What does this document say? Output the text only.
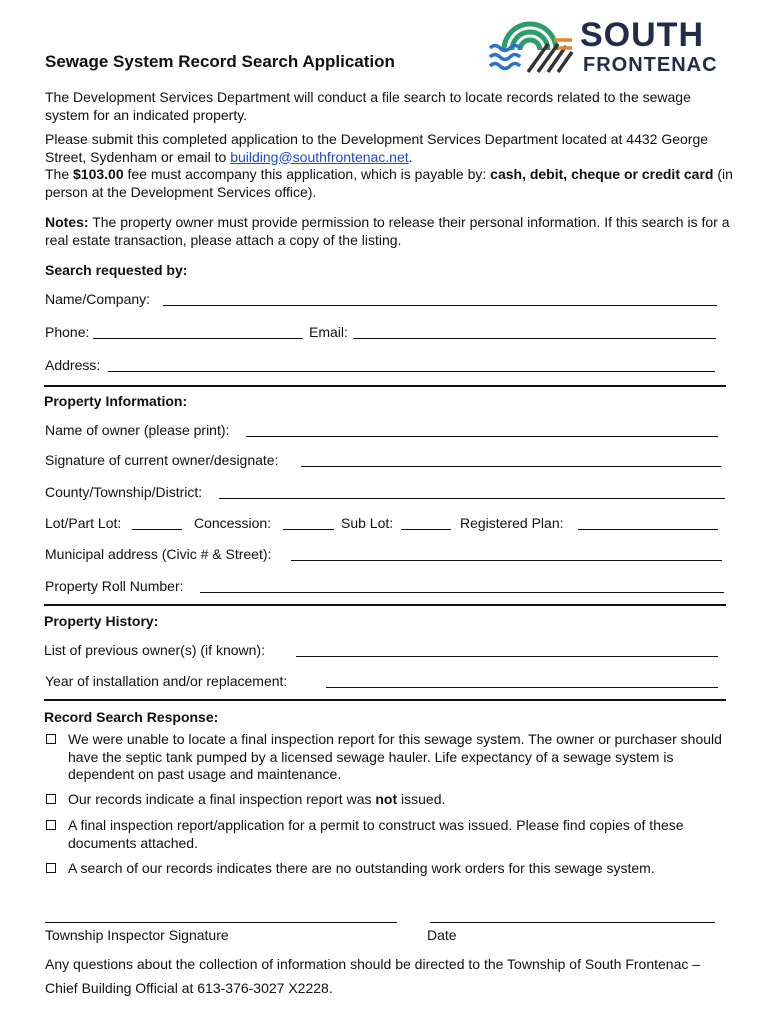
SOUTH
FRONTENAC
Sewage System Record Search Application
The Development Services Department will conduct a file search to locate records related to the sewage system for an indicated property.
Please submit this completed application to the Development Services Department located at 4432 George Street, Sydenham or email to building@southfrontenac.net.
The $103.00 fee must accompany this application, which is payable by: cash, debit, cheque or credit card (in person at the Development Services office).
Notes: The property owner must provide permission to release their personal information. If this search is for a real estate transaction, please attach a copy of the listing.
Search requested by:
Name/Company:
Phone:	Email:
Address:
Property Information:
Name of owner (please print):
Signature of current owner/designate:
County/Township/District:
Lot/Part Lot:	Concession:	Sub Lot:	Registered Plan:
Municipal address (Civic # & Street):
Property Roll Number:
Property History:
List of previous owner(s) (if known):
Year of installation and/or replacement:
Record Search Response:
We were unable to locate a final inspection report for this sewage system. The owner or purchaser should have the septic tank pumped by a licensed sewage hauler. Life expectancy of a sewage system is dependent on past usage and maintenance.
Our records indicate a final inspection report was not issued.
A final inspection report/application for a permit to construct was issued. Please find copies of these documents attached.
A search of our records indicates there are no outstanding work orders for this sewage system.
Township Inspector Signature	Date
Any questions about the collection of information should be directed to the Township of South Frontenac – Chief Building Official at 613-376-3027 X2228.
